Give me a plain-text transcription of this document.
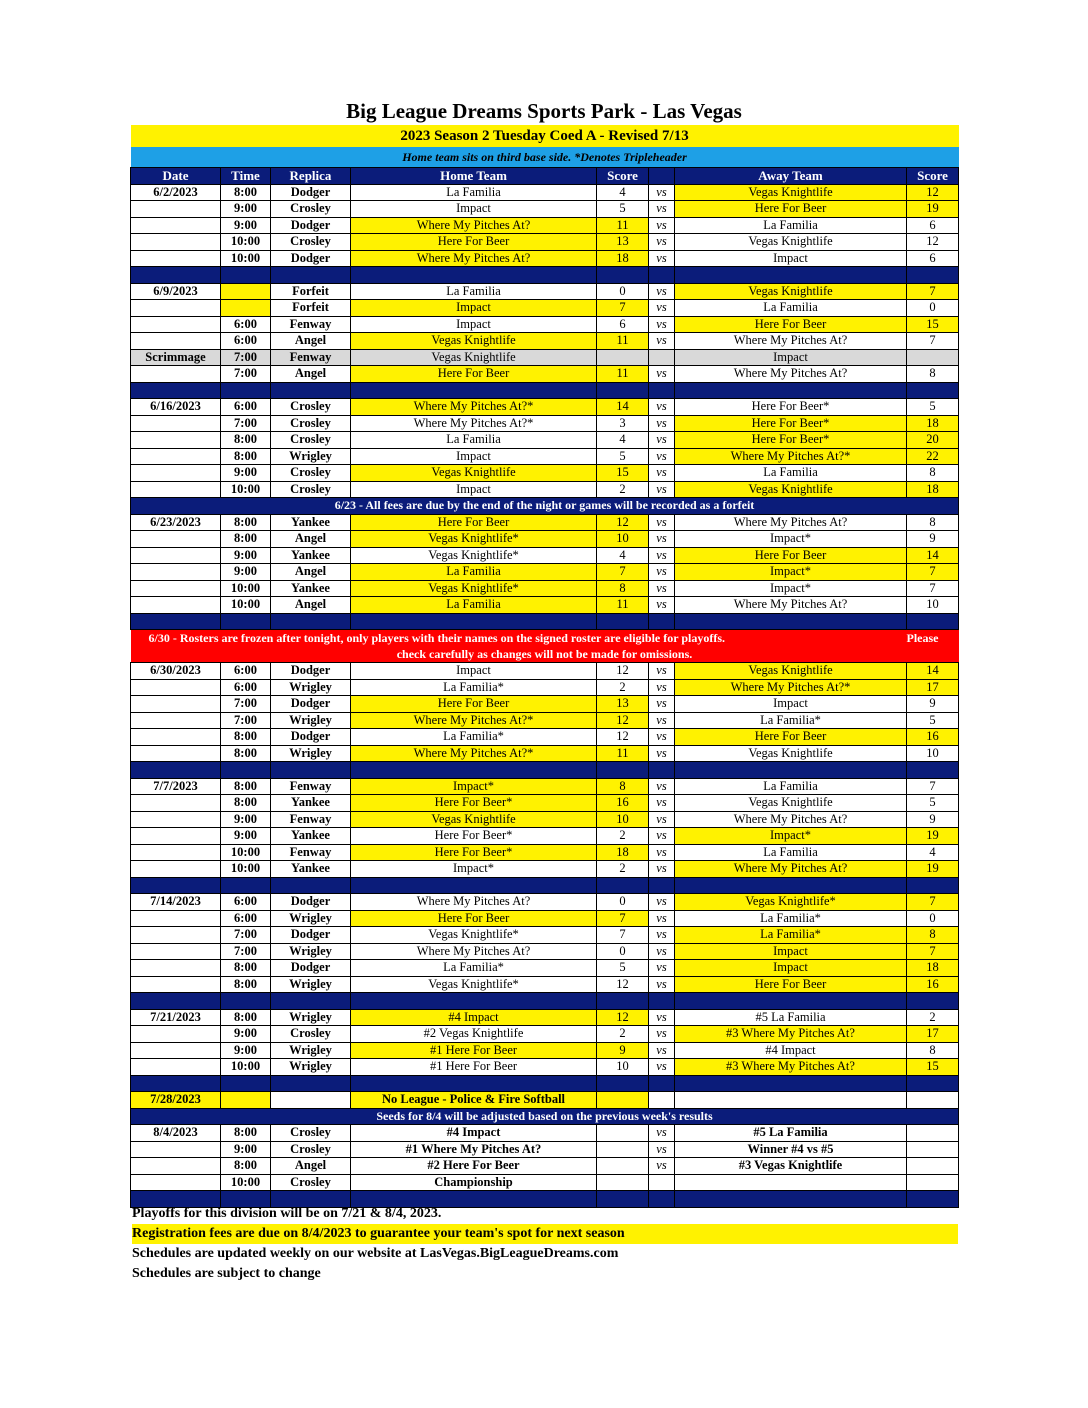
Big League Dreams Sports Park - Las Vegas
2023 Season 2 Tuesday Coed A - Revised 7/13							
Home team sits on third base side. *Denotes Tripleheader							
Date	Time	Replica	Home Team	Score		Away Team	Score
6/2/2023	8:00	Dodger	La Familia	4	vs	Vegas Knightlife	12
	9:00	Crosley	Impact	5	vs	Here For Beer	19
	9:00	Dodger	Where My Pitches At?	11	vs	La Familia	6
	10:00	Crosley	Here For Beer	13	vs	Vegas Knightlife	12
	10:00	Dodger	Where My Pitches At?	18	vs	Impact	6

6/9/2023		Forfeit	La Familia	0	vs	Vegas Knightlife	7
		Forfeit	Impact	7	vs	La Familia	0
	6:00	Fenway	Impact	6	vs	Here For Beer	15
	6:00	Angel	Vegas Knightlife	11	vs	Where My Pitches At?	7
Scrimmage	7:00	Fenway	Vegas Knightlife			Impact	
	7:00	Angel	Here For Beer	11	vs	Where My Pitches At?	8

6/16/2023	6:00	Crosley	Where My Pitches At?*	14	vs	Here For Beer*	5
	7:00	Crosley	Where My Pitches At?*	3	vs	Here For Beer*	18
	8:00	Crosley	La Familia	4	vs	Here For Beer*	20
	8:00	Wrigley	Impact	5	vs	Where My Pitches At?*	22
	9:00	Crosley	Vegas Knightlife	15	vs	La Familia	8
	10:00	Crosley	Impact	2	vs	Vegas Knightlife	18
6/23 - All fees are due by the end of the night or games will be recorded as a forfeit							
6/23/2023	8:00	Yankee	Here For Beer	12	vs	Where My Pitches At?	8
	8:00	Angel	Vegas Knightlife*	10	vs	Impact*	9
	9:00	Yankee	Vegas Knightlife*	4	vs	Here For Beer	14
	9:00	Angel	La Familia	7	vs	Impact*	7
	10:00	Yankee	Vegas Knightlife*	8	vs	Impact*	7
	10:00	Angel	La Familia	11	vs	Where My Pitches At?	10

Please
6/30 - Rosters are frozen after tonight, only players with their names on the signed roster are eligible for playoffs.							
check carefully as changes will not be made for omissions.							
6/30/2023	6:00	Dodger	Impact	12	vs	Vegas Knightlife	14
	6:00	Wrigley	La Familia*	2	vs	Where My Pitches At?*	17
	7:00	Dodger	Here For Beer	13	vs	Impact	9
	7:00	Wrigley	Where My Pitches At?*	12	vs	La Familia*	5
	8:00	Dodger	La Familia*	12	vs	Here For Beer	16
	8:00	Wrigley	Where My Pitches At?*	11	vs	Vegas Knightlife	10

7/7/2023	8:00	Fenway	Impact*	8	vs	La Familia	7
	8:00	Yankee	Here For Beer*	16	vs	Vegas Knightlife	5
	9:00	Fenway	Vegas Knightlife	10	vs	Where My Pitches At?	9
	9:00	Yankee	Here For Beer*	2	vs	Impact*	19
	10:00	Fenway	Here For Beer*	18	vs	La Familia	4
	10:00	Yankee	Impact*	2	vs	Where My Pitches At?	19

7/14/2023	6:00	Dodger	Where My Pitches At?	0	vs	Vegas Knightlife*	7
	6:00	Wrigley	Here For Beer	7	vs	La Familia*	0
	7:00	Dodger	Vegas Knightlife*	7	vs	La Familia*	8
	7:00	Wrigley	Where My Pitches At?	0	vs	Impact	7
	8:00	Dodger	La Familia*	5	vs	Impact	18
	8:00	Wrigley	Vegas Knightlife*	12	vs	Here For Beer	16

7/21/2023	8:00	Wrigley	#4 Impact	12	vs	#5 La Familia	2
	9:00	Crosley	#2 Vegas Knightlife	2	vs	#3 Where My Pitches At?	17
	9:00	Wrigley	#1 Here For Beer	9	vs	#4 Impact	8
	10:00	Wrigley	#1 Here For Beer	10	vs	#3 Where My Pitches At?	15

7/28/2023			No League - Police & Fire Softball				
Seeds for 8/4 will be adjusted based on the previous week's results							
8/4/2023	8:00	Crosley	#4 Impact		vs	#5 La Familia	
	9:00	Crosley	#1 Where My Pitches At?		vs	Winner #4 vs #5	
	8:00	Angel	#2 Here For Beer		vs	#3 Vegas Knightlife	
	10:00	Crosley	Championship				

Playoffs for this division will be on 7/21 & 8/4, 2023.
Registration fees are due on 8/4/2023 to guarantee your team's spot for next season
Schedules are updated weekly on our website at LasVegas.BigLeagueDreams.com
Schedules are subject to change
